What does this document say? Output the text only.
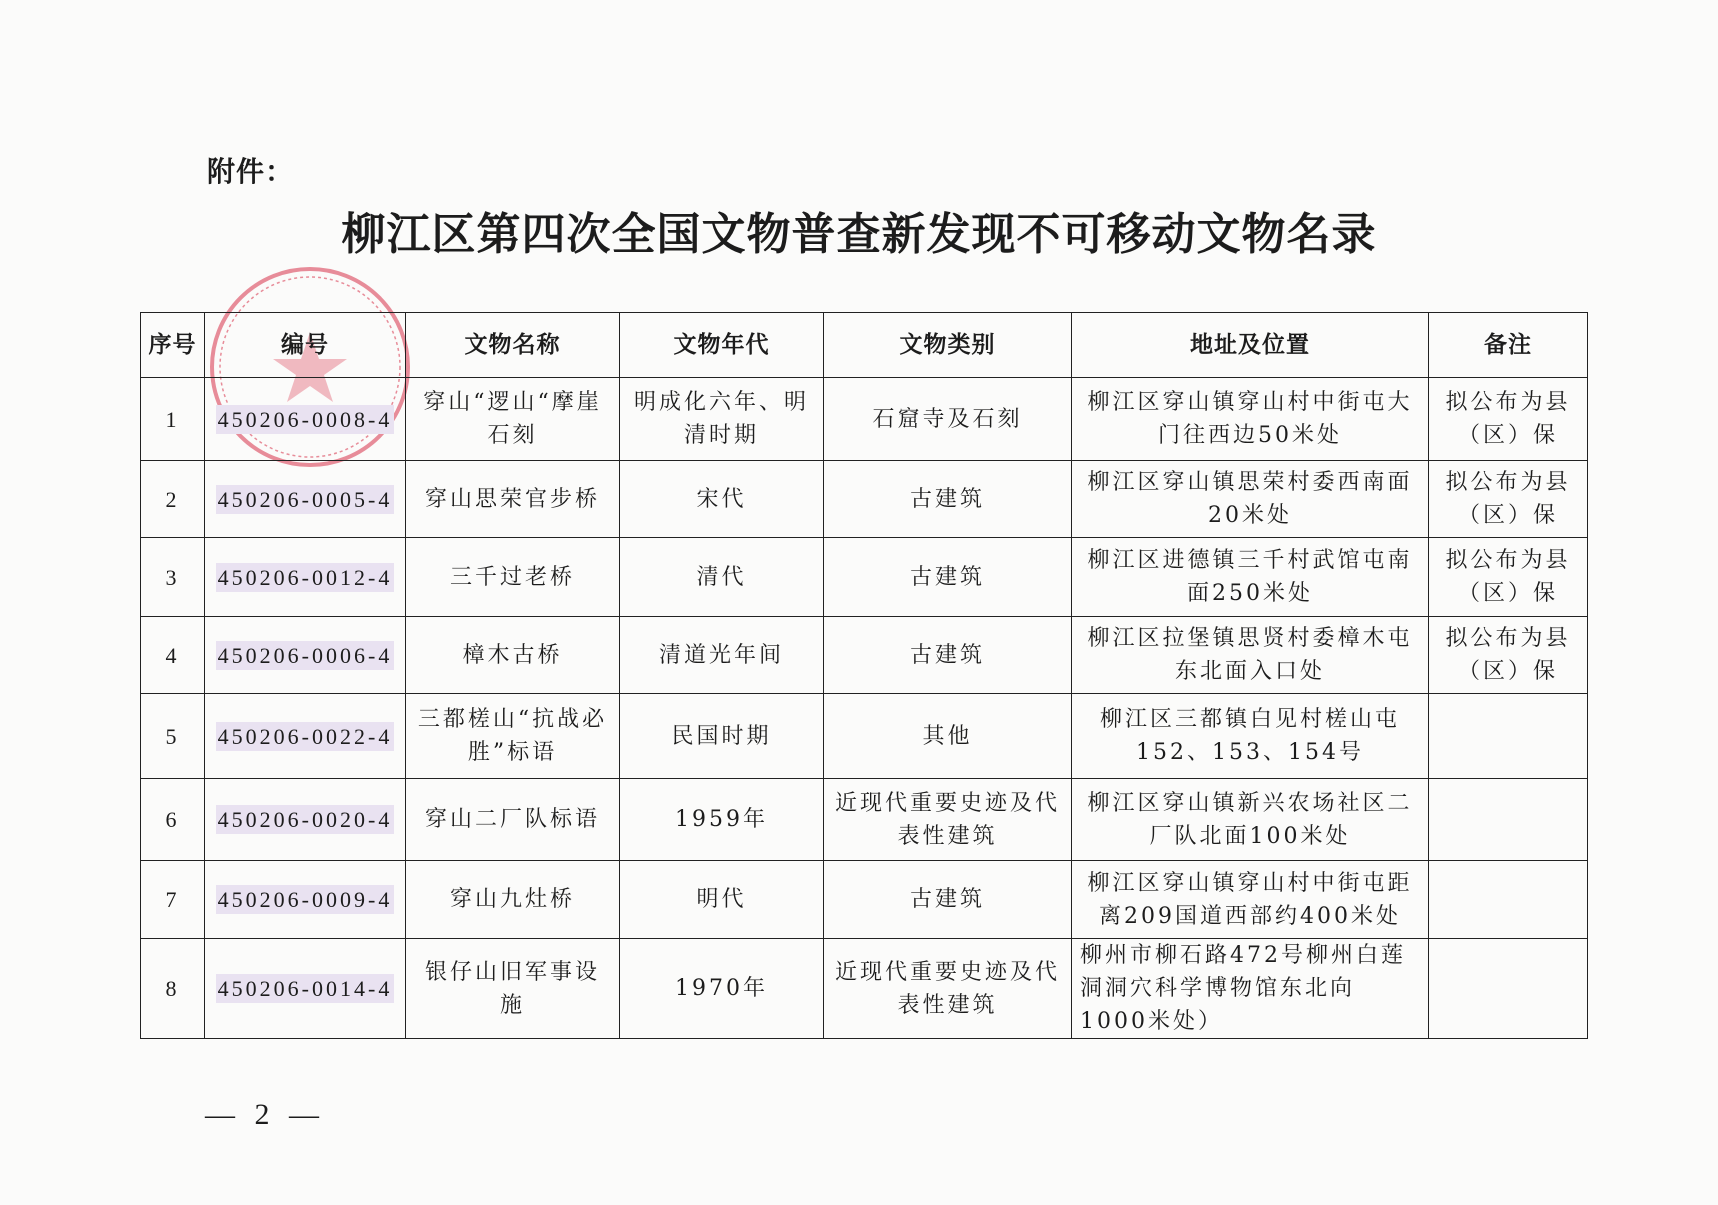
附件：
柳江区第四次全国文物普查新发现不可移动文物名录
序号	编号	文物名称	文物年代	文物类别	地址及位置	备注
1	450206-0008-4	穿山“逻山“摩崖石刻	明成化六年、明清时期	石窟寺及石刻	柳江区穿山镇穿山村中街屯大门往西边50米处	拟公布为县（区）保
2	450206-0005-4	穿山思荣官步桥	宋代	古建筑	柳江区穿山镇思荣村委西南面20米处	拟公布为县（区）保
3	450206-0012-4	三千过老桥	清代	古建筑	柳江区进德镇三千村武馆屯南面250米处	拟公布为县（区）保
4	450206-0006-4	樟木古桥	清道光年间	古建筑	柳江区拉堡镇思贤村委樟木屯东北面入口处	拟公布为县（区）保
5	450206-0022-4	三都槎山“抗战必胜”标语	民国时期	其他	柳江区三都镇白见村槎山屯152、153、154号	
6	450206-0020-4	穿山二厂队标语	1959年	近现代重要史迹及代表性建筑	柳江区穿山镇新兴农场社区二厂队北面100米处	
7	450206-0009-4	穿山九灶桥	明代	古建筑	柳江区穿山镇穿山村中街屯距离209国道西部约400米处	
8	450206-0014-4	银仔山旧军事设施	1970年	近现代重要史迹及代表性建筑	柳州市柳石路472号柳州白莲洞洞穴科学博物馆东北向1000米处）	
— 2 —
